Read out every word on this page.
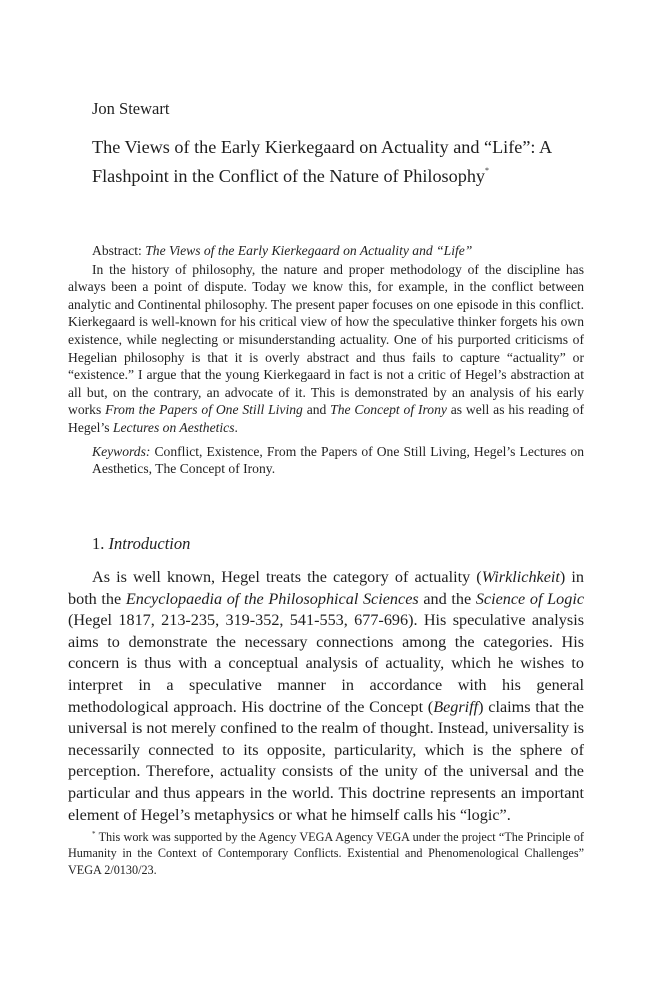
Jon Stewart
The Views of the Early Kierkegaard on Actuality and “Life”: A Flashpoint in the Conflict of the Nature of Philosophy*

Abstract: The Views of the Early Kierkegaard on Actuality and “Life”

In the history of philosophy, the nature and proper methodology of the discipline has always been a point of dispute. Today we know this, for example, in the conflict between analytic and Continental philosophy. The present paper focuses on one episode in this conflict. Kierkegaard is well-known for his critical view of how the speculative thinker forgets his own existence, while neglecting or misunderstanding actuality. One of his purported criticisms of Hegelian philosophy is that it is overly abstract and thus fails to capture “actuality” or “existence.” I argue that the young Kierkegaard in fact is not a critic of Hegel’s abstraction at all but, on the contrary, an advocate of it. This is demonstrated by an analysis of his early works From the Papers of One Still Living and The Concept of Irony as well as his reading of Hegel’s Lectures on Aesthetics.

Keywords: Conflict, Existence, From the Papers of One Still Living, Hegel’s Lectures on Aesthetics, The Concept of Irony.

1. Introduction

As is well known, Hegel treats the category of actuality (Wirklichkeit) in both the Encyclopaedia of the Philosophical Sciences and the Science of Logic (Hegel 1817, 213-235, 319-352, 541-553, 677-696). His speculative analysis aims to demonstrate the necessary connections among the categories. His concern is thus with a conceptual analysis of actuality, which he wishes to interpret in a speculative manner in accordance with his general methodological approach. His doctrine of the Concept (Begriff) claims that the universal is not merely confined to the realm of thought. Instead, universality is necessarily connected to its opposite, particularity, which is the sphere of perception. Therefore, actuality consists of the unity of the universal and the particular and thus appears in the world. This doctrine represents an important element of Hegel’s metaphysics or what he himself calls his “logic”.

* This work was supported by the Agency VEGA Agency VEGA under the project “The Principle of Humanity in the Context of Contemporary Conflicts. Existential and Phenomenological Challenges” VEGA 2/0130/23.
